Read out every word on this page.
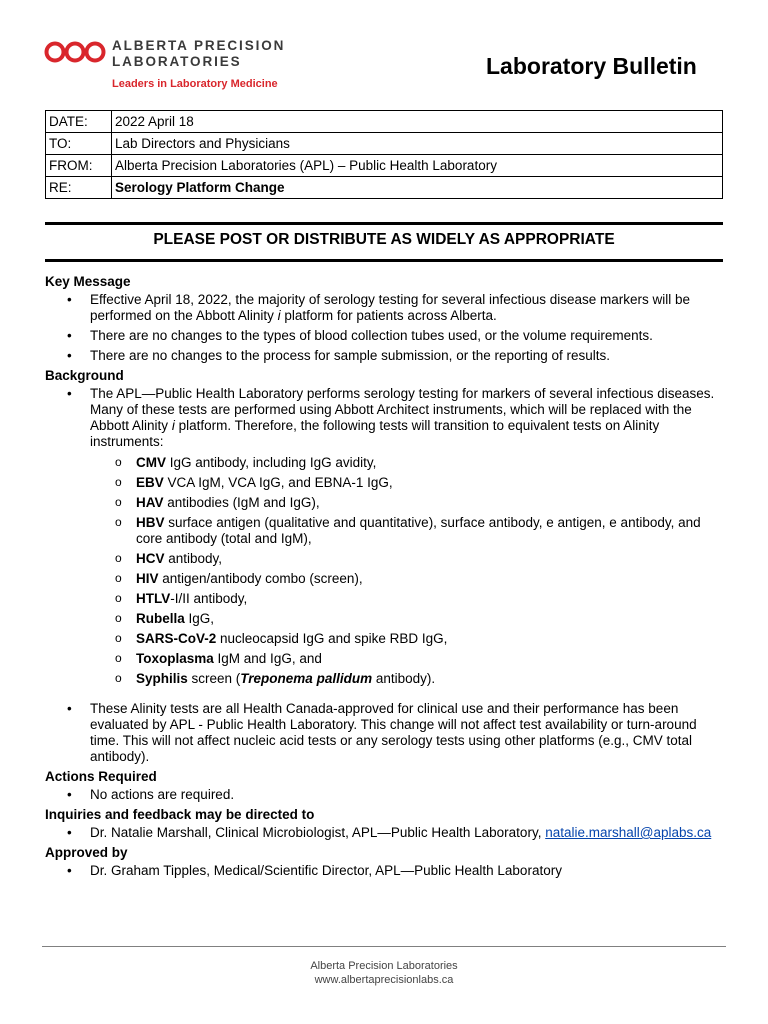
ALBERTA PRECISION
LABORATORIES
Leaders in Laboratory Medicine
Laboratory Bulletin
DATE:	2022 April 18
TO:	Lab Directors and Physicians
FROM:	Alberta Precision Laboratories (APL) – Public Health Laboratory
RE:	Serology Platform Change
PLEASE POST OR DISTRIBUTE AS WIDELY AS APPROPRIATE
Key Message
• Effective April 18, 2022, the majority of serology testing for several infectious disease markers will be performed on the Abbott Alinity i platform for patients across Alberta.
• There are no changes to the types of blood collection tubes used, or the volume requirements.
• There are no changes to the process for sample submission, or the reporting of results.
Background
• The APL—Public Health Laboratory performs serology testing for markers of several infectious diseases. Many of these tests are performed using Abbott Architect instruments, which will be replaced with the Abbott Alinity i platform. Therefore, the following tests will transition to equivalent tests on Alinity instruments:
o CMV IgG antibody, including IgG avidity,
o EBV VCA IgM, VCA IgG, and EBNA-1 IgG,
o HAV antibodies (IgM and IgG),
o HBV surface antigen (qualitative and quantitative), surface antibody, e antigen, e antibody, and core antibody (total and IgM),
o HCV antibody,
o HIV antigen/antibody combo (screen),
o HTLV-I/II antibody,
o Rubella IgG,
o SARS-CoV-2 nucleocapsid IgG and spike RBD IgG,
o Toxoplasma IgM and IgG, and
o Syphilis screen (Treponema pallidum antibody).
• These Alinity tests are all Health Canada-approved for clinical use and their performance has been evaluated by APL - Public Health Laboratory. This change will not affect test availability or turn-around time. This will not affect nucleic acid tests or any serology tests using other platforms (e.g., CMV total antibody).
Actions Required
• No actions are required.
Inquiries and feedback may be directed to
• Dr. Natalie Marshall, Clinical Microbiologist, APL—Public Health Laboratory, natalie.marshall@aplabs.ca
Approved by
• Dr. Graham Tipples, Medical/Scientific Director, APL—Public Health Laboratory
Alberta Precision Laboratories
www.albertaprecisionlabs.ca
